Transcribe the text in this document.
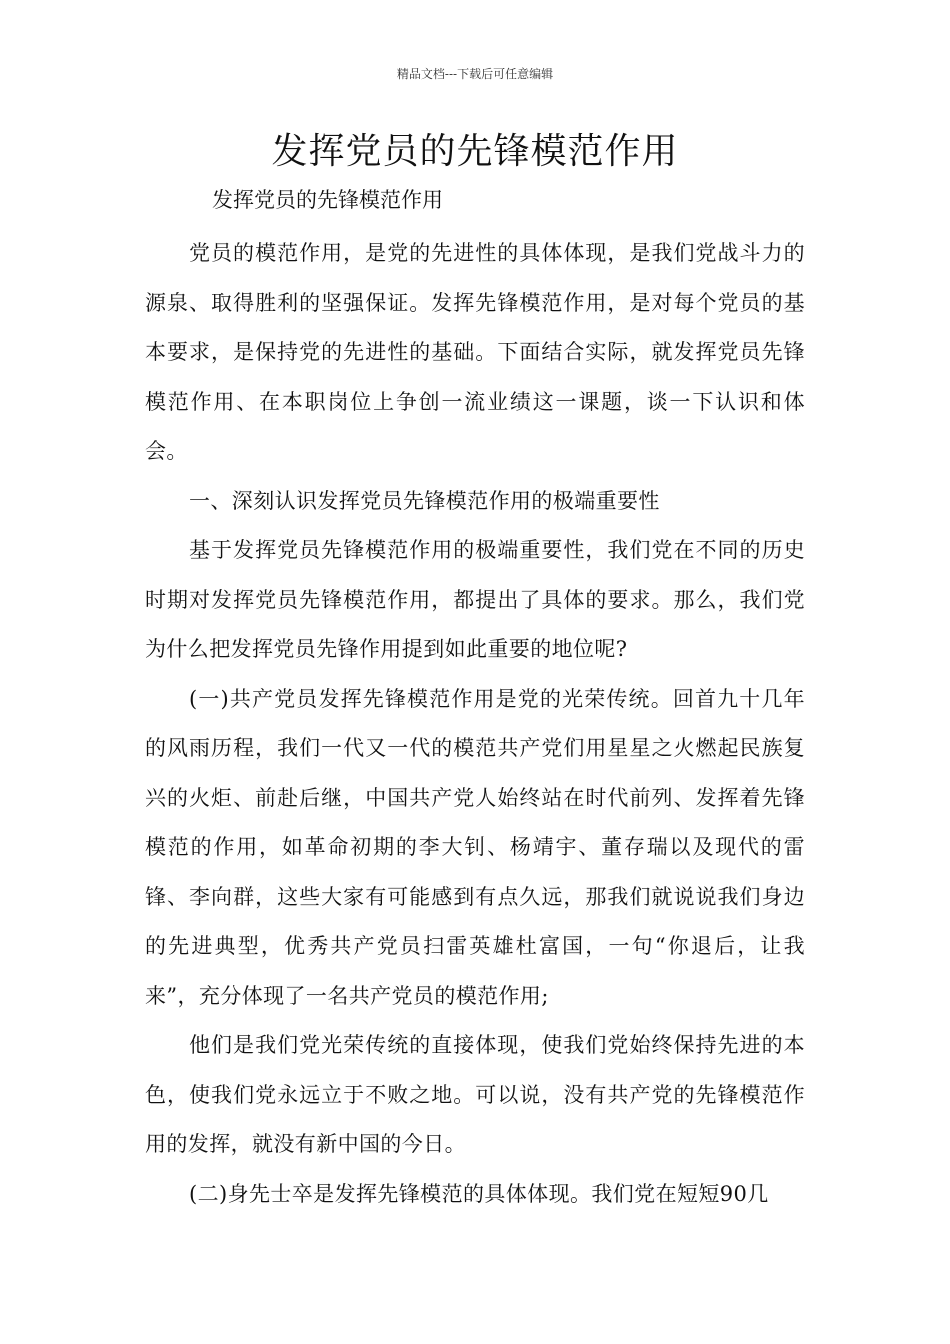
精品文档---下载后可任意编辑
发挥党员的先锋模范作用

发挥党员的先锋模范作用

党员的模范作用，是党的先进性的具体体现，是我们党战斗力的源泉、取得胜利的坚强保证。发挥先锋模范作用，是对每个党员的基本要求，是保持党的先进性的基础。下面结合实际，就发挥党员先锋模范作用、在本职岗位上争创一流业绩这一课题，谈一下认识和体会。

一、深刻认识发挥党员先锋模范作用的极端重要性

基于发挥党员先锋模范作用的极端重要性，我们党在不同的历史时期对发挥党员先锋模范作用，都提出了具体的要求。那么，我们党为什么把发挥党员先锋作用提到如此重要的地位呢?

(一)共产党员发挥先锋模范作用是党的光荣传统。回首九十几年的风雨历程，我们一代又一代的模范共产党们用星星之火燃起民族复兴的火炬、前赴后继，中国共产党人始终站在时代前列、发挥着先锋模范的作用，如革命初期的李大钊、杨靖宇、董存瑞以及现代的雷锋、李向群，这些大家有可能感到有点久远，那我们就说说我们身边的先进典型，优秀共产党员扫雷英雄杜富国，一句“你退后，让我来”，充分体现了一名共产党员的模范作用;

他们是我们党光荣传统的直接体现，使我们党始终保持先进的本色，使我们党永远立于不败之地。可以说，没有共产党的先锋模范作用的发挥，就没有新中国的今日。

(二)身先士卒是发挥先锋模范的具体体现。我们党在短短90几
